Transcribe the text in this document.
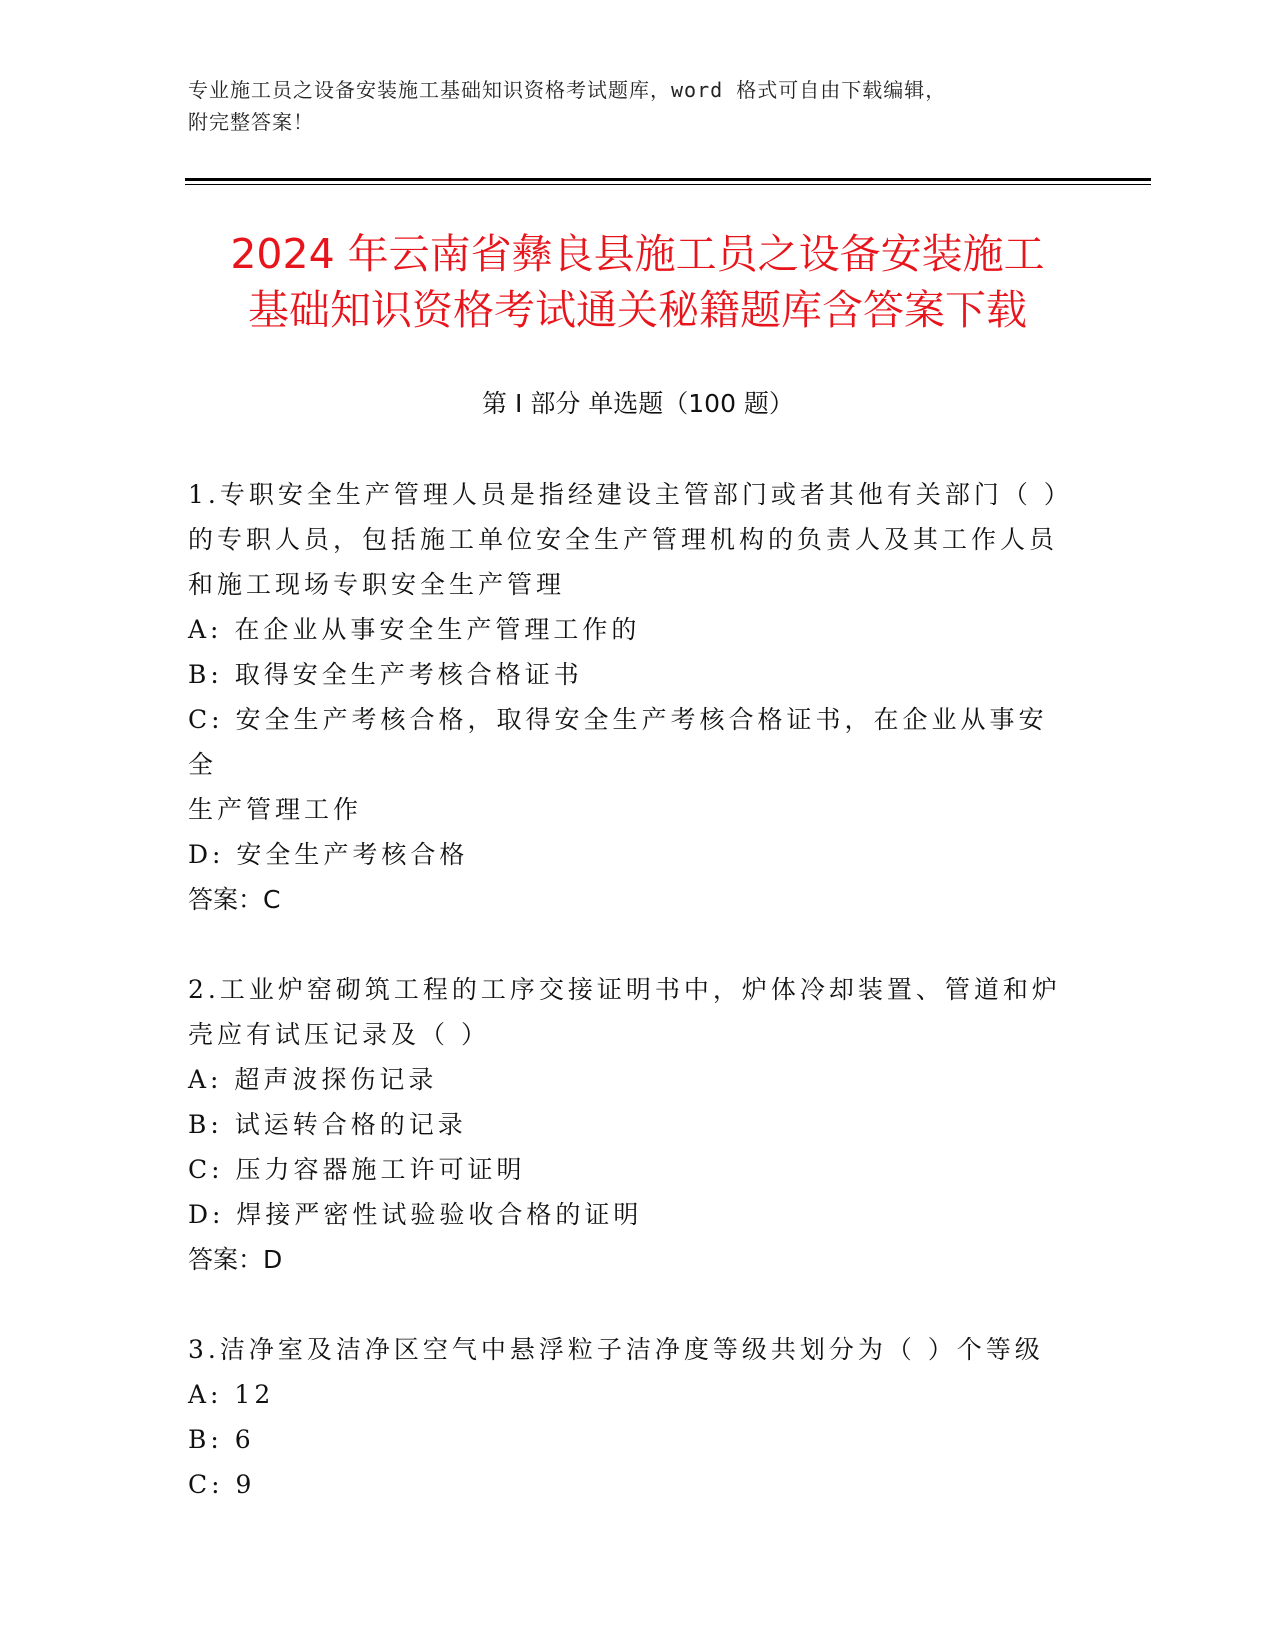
专业施工员之设备安装施工基础知识资格考试题库，word 格式可自由下载编辑，
附完整答案！
2024 年云南省彝良县施工员之设备安装施工
基础知识资格考试通关秘籍题库含答案下载
第 I 部分 单选题（100 题）
1.专职安全生产管理人员是指经建设主管部门或者其他有关部门（ ）
的专职人员，包括施工单位安全生产管理机构的负责人及其工作人员
和施工现场专职安全生产管理
A: 在企业从事安全生产管理工作的
B: 取得安全生产考核合格证书
C: 安全生产考核合格，取得安全生产考核合格证书，在企业从事安全
生产管理工作
D: 安全生产考核合格
答案：C
2.工业炉窑砌筑工程的工序交接证明书中，炉体冷却装置、管道和炉
壳应有试压记录及（ ）
A: 超声波探伤记录
B: 试运转合格的记录
C: 压力容器施工许可证明
D: 焊接严密性试验验收合格的证明
答案：D
3.洁净室及洁净区空气中悬浮粒子洁净度等级共划分为（ ）个等级
A: 12
B: 6
C: 9
